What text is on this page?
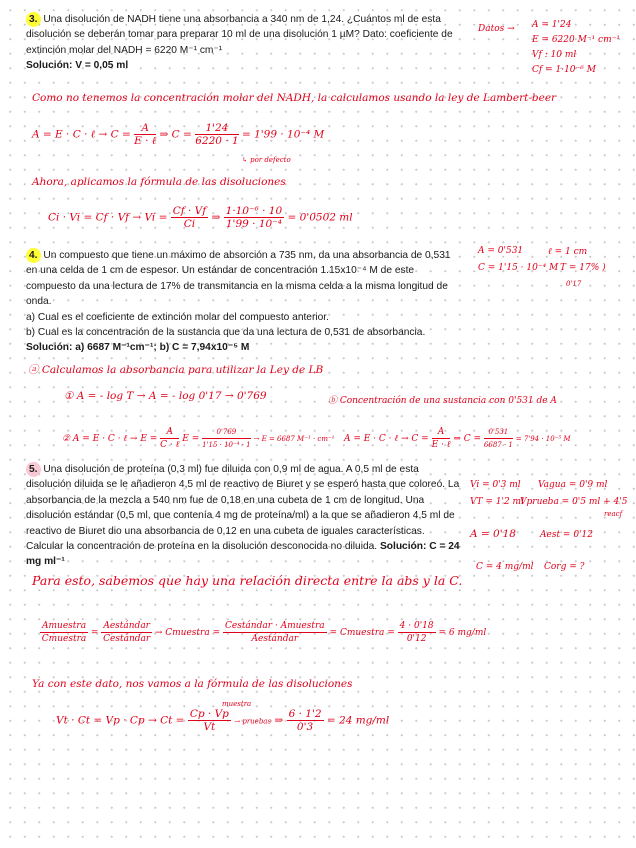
3. Una disolución de NADH tiene una absorbancia a 340 nm de 1,24. ¿Cuántos ml de esta disolución se deberán tomar para preparar 10 ml de una disolución 1 µM? Dato: coeficiente de extinción molar del NADH = 6220 M⁻¹ cm⁻¹
Solución: V = 0,05 ml
Datos → A = 1'24
E = 6220 M⁻¹ cm⁻¹
Vf : 10 ml
Cf = 1·10⁻⁶ M
Como no tenemos la concentración molar del NADH, la calculamos usando la ley de Lambert-beer
A = E · C · ℓ → $C = \frac{A}{\text{E · ℓ}}$ ⇒ $C = \frac{1'24}{6220 \cdot 1} = 1'99 \cdot 10^{-4}$ M
↳ por defecto
Ahora, aplicamos la fórmula de las disoluciones
$Ci \cdot Vi = Cf \cdot Vf \to Vi = \frac{Cf \cdot Vf}{Ci}$ ⇒ $\frac{\text{1·10⁻⁶ · 10}}{\text{1'99 · 10⁻⁴}} = 0'0502$ ml
4. Un compuesto que tiene un máximo de absorción a 735 nm, da una absorbancia de 0,531 en una celda de 1 cm de espesor. Un estándar de concentración 1.15x10⁻⁴ M de este compuesto da una lectura de 17% de transmitancia en la misma celda a la misma longitud de onda.
a) Cual es el coeficiente de extinción molar del compuesto anterior.
b) Cual es la concentración de la sustancia que da una lectura de 0,531 de absorbancia.
Solución: a) 6687 M⁻¹cm⁻¹; b) C = 7,94x10⁻⁵ M
A = 0'531	ℓ = 1 cm
C = 1'15 · 10⁻⁴ M T = 17% )
0'17
ⓐ Calculamos la absorbancia para utilizar la Ley de LB
① A = - log T → A = - log 0'17 → 0'769	ⓑ Concentración de una sustancia con 0'531 de A
② A = E · C · ℓ → $E = \frac{A}{\text{C · ℓ}}$ $E = \frac{0'769}{\text{1'15 · 10⁻⁴ · 1}} \to E = 6687$ M⁻¹ · cm⁻¹ A = E · C · ℓ → $C = \frac{A}{\text{E · ℓ}}$ ⇒ $C = \frac{0'531}{6687 \cdot 1} = 7'94 \cdot 10^{-5}$ M
5. Una disolución de proteína (0,3 ml) fue diluida con 0,9 ml de agua. A 0,5 ml de esta disolución diluida se le añadieron 4,5 ml de reactivo de Biuret y se esperó hasta que coloreó. La absorbancia de la mezcla a 540 nm fue de 0,18 en una cubeta de 1 cm de longitud. Una disolución estándar (0,5 ml, que contenía 4 mg de proteína/ml) a la que se añadieron 4,5 ml de reactivo de Biuret dio una absorbancia de 0,12 en una cubeta de iguales características. Calcular la concentración de proteína en la disolución desconocida no diluida. Solución: C = 24 mg ml⁻¹
Vi = 0'3 ml Vagua = 0'9 ml
VT = 1'2 ml
Vprueba = 0'5 ml + 4'5
reacf
A = 0'18	Aest = 0'12
C = 4 mg/ml Corg = ?
Para esto, sabemos que hay una relación directa entre la abs y la C.
$\frac{\text{Amuestra}}{\text{Cmuestra}} = \frac{\text{Aestándar}}{\text{Cestándar}}$ → Cmuestra = $\frac{\text{Cestándar · Amuestra}}{\text{Aestándar}}$ = Cmuestra = $\frac{4 \cdot 0'18}{0'12} = 6$ mg/ml
Ya con este dato, nos vamos a la fórmula de las disoluciones
muestra
$Vt \cdot Ct = Vp \cdot Cp \to Ct = \frac{Cp \cdot Vp}{Vt}$ → pruebas ⇒ $\frac{6 \cdot 1'2}{0'3} = 24$ mg/ml
